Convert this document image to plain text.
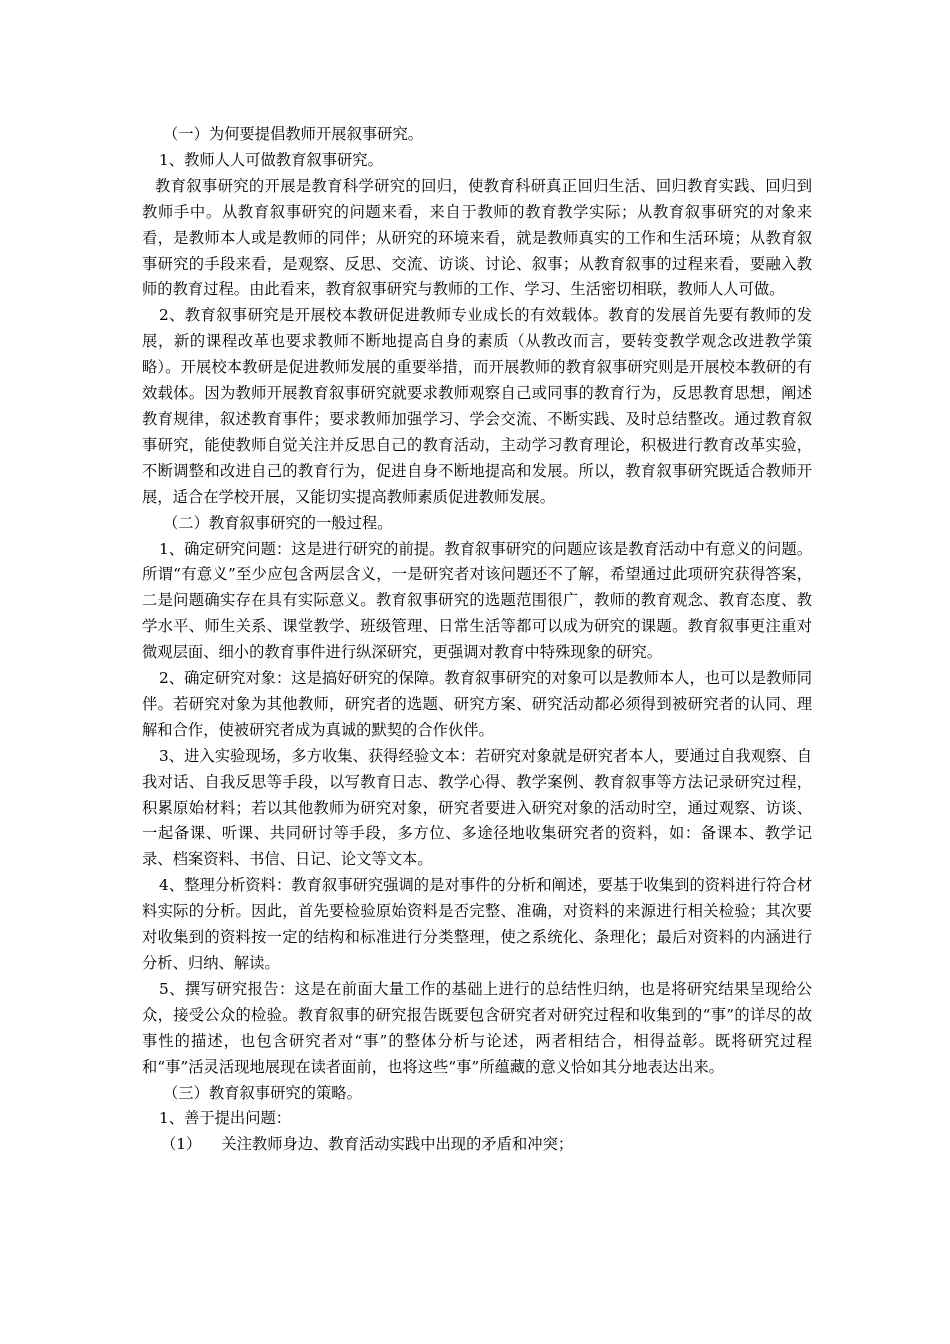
（一）为何要提倡教师开展叙事研究。

1、教师人人可做教育叙事研究。

教育叙事研究的开展是教育科学研究的回归，使教育科研真正回归生活、回归教育实践、回归到教师手中。从教育叙事研究的问题来看，来自于教师的教育教学实际；从教育叙事研究的对象来看，是教师本人或是教师的同伴；从研究的环境来看，就是教师真实的工作和生活环境；从教育叙事研究的手段来看，是观察、反思、交流、访谈、讨论、叙事；从教育叙事的过程来看，要融入教师的教育过程。由此看来，教育叙事研究与教师的工作、学习、生活密切相联，教师人人可做。

2、教育叙事研究是开展校本教研促进教师专业成长的有效载体。教育的发展首先要有教师的发展，新的课程改革也要求教师不断地提高自身的素质（从教改而言，要转变教学观念改进教学策略）。开展校本教研是促进教师发展的重要举措，而开展教师的教育叙事研究则是开展校本教研的有效载体。因为教师开展教育叙事研究就要求教师观察自己或同事的教育行为，反思教育思想，阐述教育规律，叙述教育事件；要求教师加强学习、学会交流、不断实践、及时总结整改。通过教育叙事研究，能使教师自觉关注并反思自己的教育活动，主动学习教育理论，积极进行教育改革实验，不断调整和改进自己的教育行为，促进自身不断地提高和发展。所以，教育叙事研究既适合教师开展，适合在学校开展，又能切实提高教师素质促进教师发展。

（二）教育叙事研究的一般过程。

1、确定研究问题：这是进行研究的前提。教育叙事研究的问题应该是教育活动中有意义的问题。所谓“有意义”至少应包含两层含义，一是研究者对该问题还不了解，希望通过此项研究获得答案，二是问题确实存在具有实际意义。教育叙事研究的选题范围很广，教师的教育观念、教育态度、教学水平、师生关系、课堂教学、班级管理、日常生活等都可以成为研究的课题。教育叙事更注重对微观层面、细小的教育事件进行纵深研究，更强调对教育中特殊现象的研究。

2、确定研究对象：这是搞好研究的保障。教育叙事研究的对象可以是教师本人，也可以是教师同伴。若研究对象为其他教师，研究者的选题、研究方案、研究活动都必须得到被研究者的认同、理解和合作，使被研究者成为真诚的默契的合作伙伴。

3、进入实验现场，多方收集、获得经验文本：若研究对象就是研究者本人，要通过自我观察、自我对话、自我反思等手段，以写教育日志、教学心得、教学案例、教育叙事等方法记录研究过程，积累原始材料；若以其他教师为研究对象，研究者要进入研究对象的活动时空，通过观察、访谈、一起备课、听课、共同研讨等手段，多方位、多途径地收集研究者的资料，如：备课本、教学记录、档案资料、书信、日记、论文等文本。

4、整理分析资料：教育叙事研究强调的是对事件的分析和阐述，要基于收集到的资料进行符合材料实际的分析。因此，首先要检验原始资料是否完整、准确，对资料的来源进行相关检验；其次要对收集到的资料按一定的结构和标准进行分类整理，使之系统化、条理化；最后对资料的内涵进行分析、归纳、解读。

5、撰写研究报告：这是在前面大量工作的基础上进行的总结性归纳，也是将研究结果呈现给公众，接受公众的检验。教育叙事的研究报告既要包含研究者对研究过程和收集到的“事”的详尽的故事性的描述，也包含研究者对“事”的整体分析与论述，两者相结合，相得益彰。既将研究过程和“事”活灵活现地展现在读者面前，也将这些“事”所蕴藏的意义恰如其分地表达出来。

（三）教育叙事研究的策略。

1、善于提出问题：

（1） 关注教师身边、教育活动实践中出现的矛盾和冲突；
